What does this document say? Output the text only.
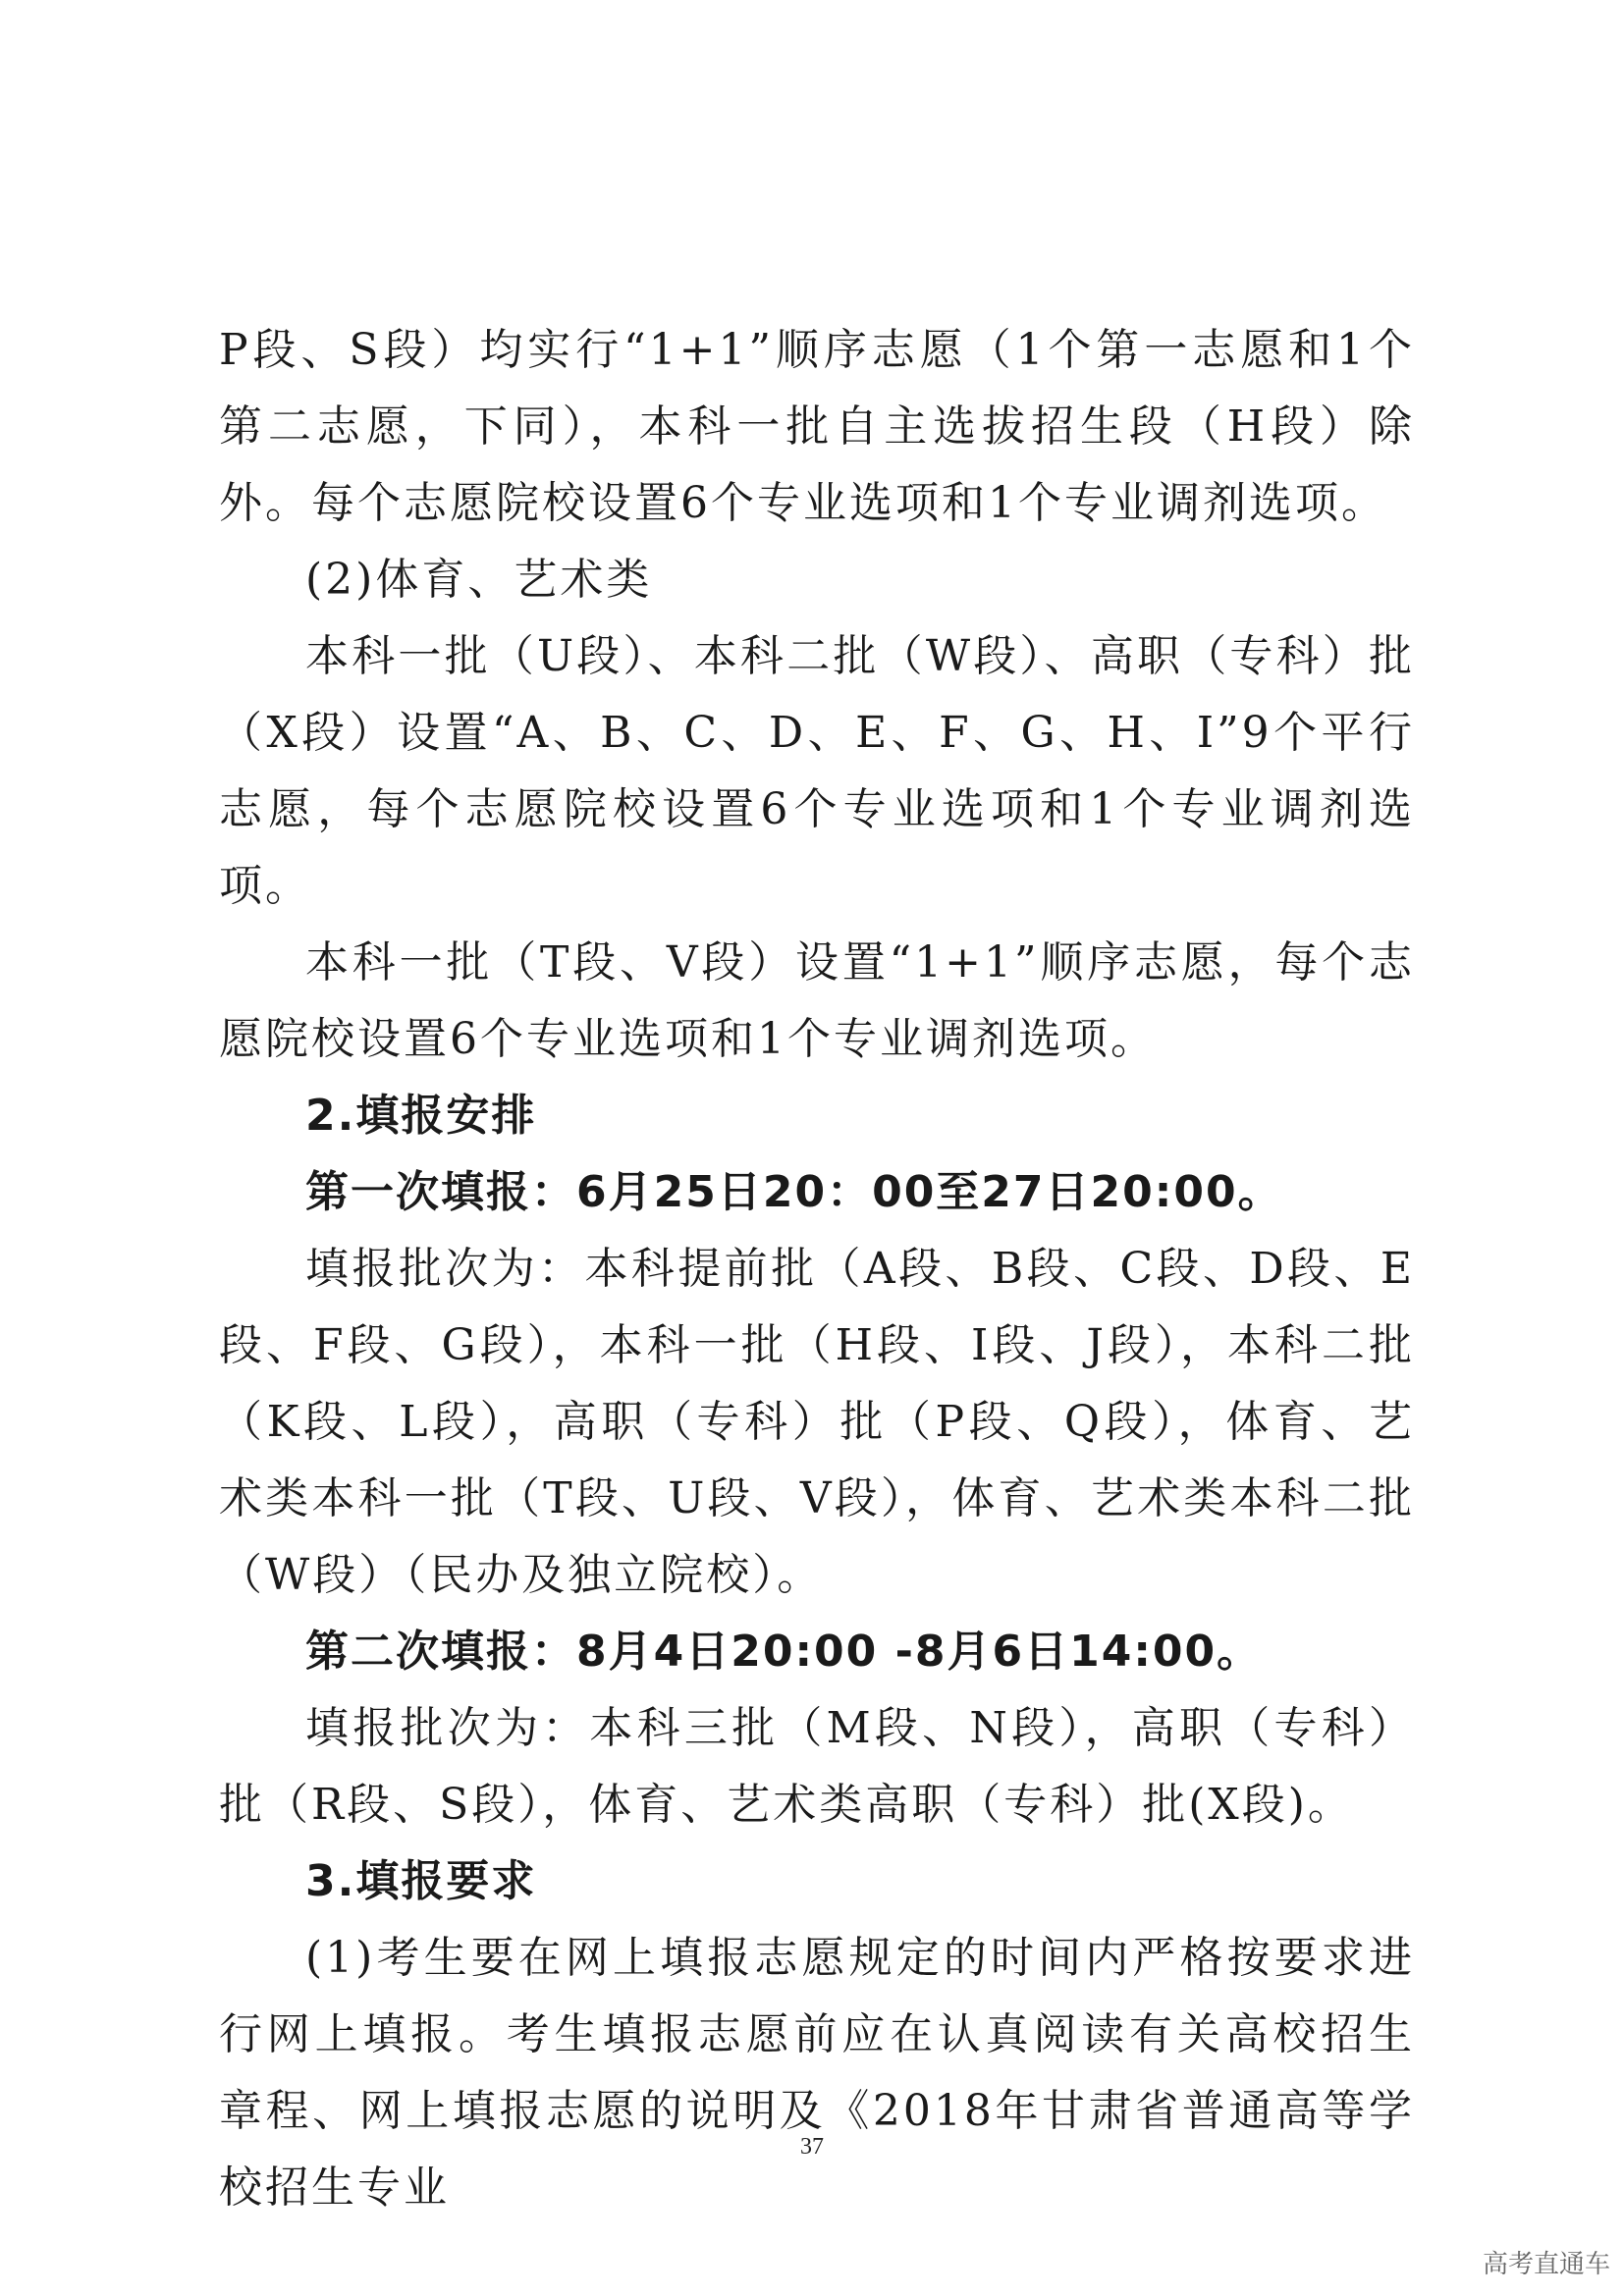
P段、S段）均实行“1+1”顺序志愿（1个第一志愿和1个第二志愿，下同），本科一批自主选拔招生段（H段）除外。每个志愿院校设置6个专业选项和1个专业调剂选项。

(2)体育、艺术类

本科一批（U段）、本科二批（W段）、高职（专科）批（X段）设置“A、B、C、D、E、F、G、H、I”9个平行志愿，每个志愿院校设置6个专业选项和1个专业调剂选项。

本科一批（T段、V段）设置“1+1”顺序志愿，每个志愿院校设置6个专业选项和1个专业调剂选项。

2.填报安排

第一次填报：6月25日20：00至27日20:00。

填报批次为：本科提前批（A段、B段、C段、D段、E段、F段、G段），本科一批（H段、I段、J段），本科二批（K段、L段），高职（专科）批（P段、Q段），体育、艺术类本科一批（T段、U段、V段），体育、艺术类本科二批（W段）（民办及独立院校）。

第二次填报：8月4日20:00 -8月6日14:00。

填报批次为：本科三批（M段、N段），高职（专科）批（R段、S段），体育、艺术类高职（专科）批(X段)。

3.填报要求

(1)考生要在网上填报志愿规定的时间内严格按要求进行网上填报。考生填报志愿前应在认真阅读有关高校招生章程、网上填报志愿的说明及《2018年甘肃省普通高等学校招生专业

37
高考直通车
